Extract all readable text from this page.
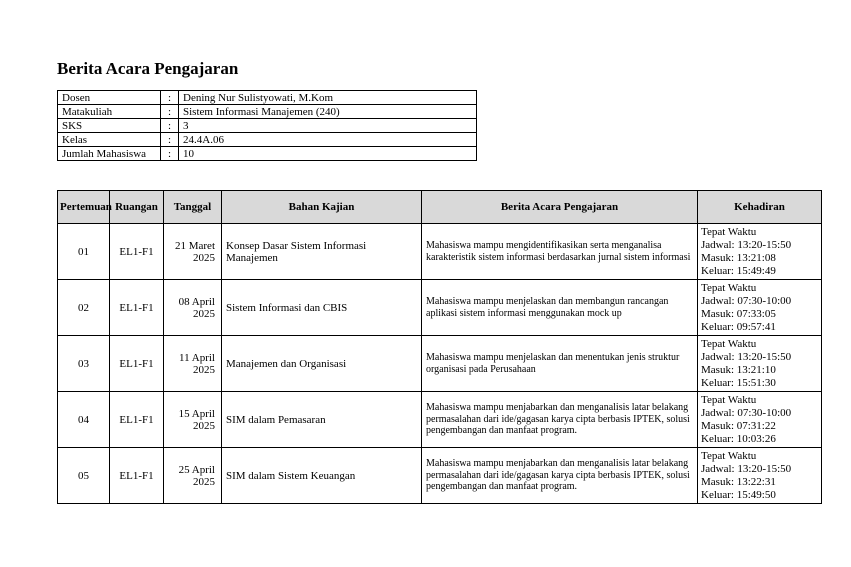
Berita Acara Pengajaran
Dosen	:	Dening Nur Sulistyowati, M.Kom
Matakuliah	:	Sistem Informasi Manajemen (240)
SKS	:	3
Kelas	:	24.4A.06
Jumlah Mahasiswa	:	10
Pertemuan	Ruangan	Tanggal	Bahan Kajian	Berita Acara Pengajaran	Kehadiran
01	EL1-F1	21 Maret 2025	Konsep Dasar Sistem Informasi Manajemen	Mahasiswa mampu mengidentifikasikan serta menganalisa karakteristik sistem informasi berdasarkan jurnal sistem informasi	Tepat Waktu
Jadwal: 13:20-15:50
Masuk: 13:21:08
Keluar: 15:49:49

02	EL1-F1	08 April 2025	Sistem Informasi dan CBIS	Mahasiswa mampu menjelaskan dan membangun rancangan aplikasi sistem informasi menggunakan mock up	Tepat Waktu
Jadwal: 07:30-10:00
Masuk: 07:33:05
Keluar: 09:57:41

03	EL1-F1	11 April 2025	Manajemen dan Organisasi	Mahasiswa mampu menjelaskan dan menentukan jenis struktur organisasi pada Perusahaan	Tepat Waktu
Jadwal: 13:20-15:50
Masuk: 13:21:10
Keluar: 15:51:30

04	EL1-F1	15 April 2025	SIM dalam Pemasaran	Mahasiswa mampu menjabarkan dan menganalisis latar belakang permasalahan dari ide/gagasan karya cipta berbasis IPTEK, solusi pengembangan dan manfaat program.	Tepat Waktu
Jadwal: 07:30-10:00
Masuk: 07:31:22
Keluar: 10:03:26

05	EL1-F1	25 April 2025	SIM dalam Sistem Keuangan	Mahasiswa mampu menjabarkan dan menganalisis latar belakang permasalahan dari ide/gagasan karya cipta berbasis IPTEK, solusi pengembangan dan manfaat program.	Tepat Waktu
Jadwal: 13:20-15:50
Masuk: 13:22:31
Keluar: 15:49:50
